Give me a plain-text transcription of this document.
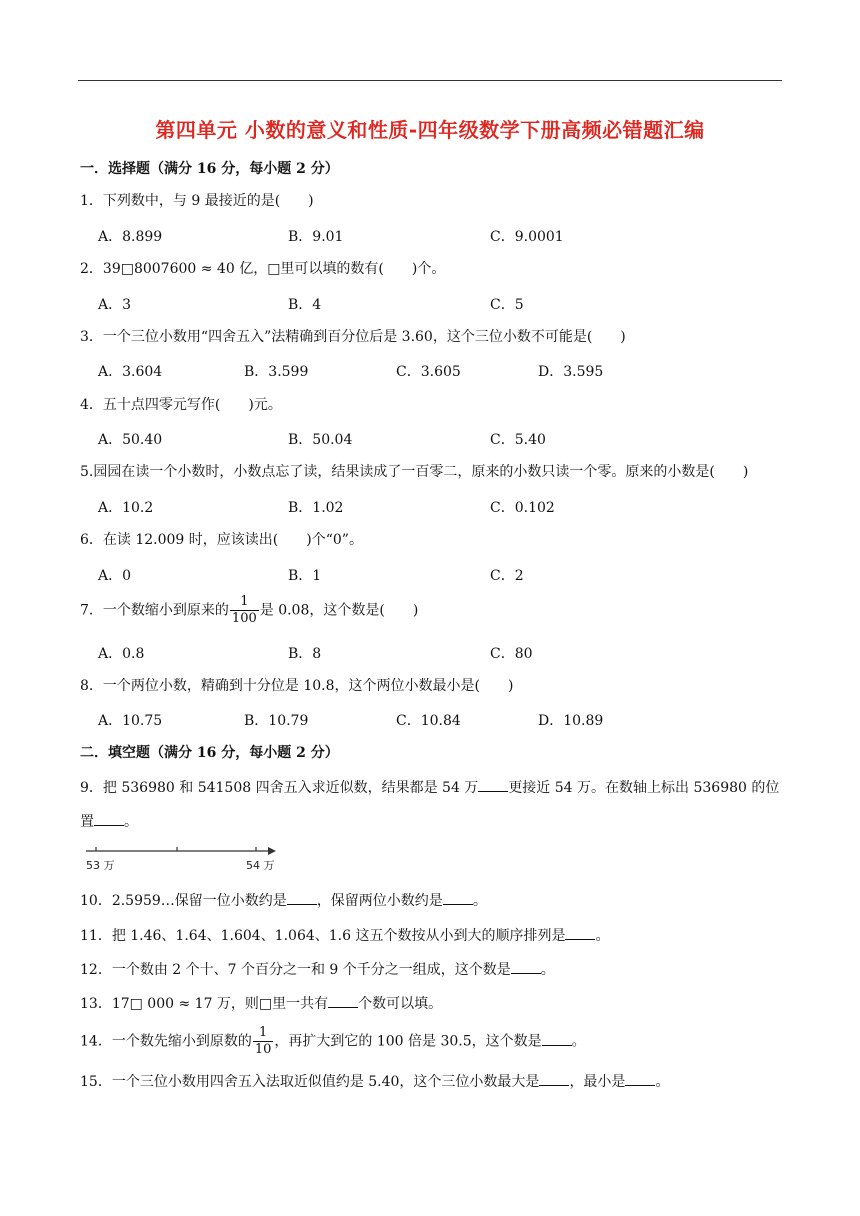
第四单元 小数的意义和性质-四年级数学下册高频必错题汇编
一．选择题（满分 16 分，每小题 2 分）
1．下列数中，与 9 最接近的是(　　)
A．8.899	B．9.01	C．9.0001
2．39□8007600 ≈ 40 亿，□里可以填的数有(　　)个。
A．3	B．4	C．5
3．一个三位小数用“四舍五入”法精确到百分位后是 3.60，这个三位小数不可能是(　　)
A．3.604	B．3.599	C．3.605	D．3.595
4．五十点四零元写作(　　)元。
A．50.40	B．50.04	C．5.40
5.园园在读一个小数时，小数点忘了读，结果读成了一百零二，原来的小数只读一个零。原来的小数是(　　)
A．10.2	B．1.02	C．0.102
6．在读 12.009 时，应该读出(　　)个“0”。
A．0	B．1	C．2
7．一个数缩小到原来的 $\frac{1}{100}$ 是 0.08，这个数是(　　)
A．0.8	B．8	C．80
8．一个两位小数，精确到十分位是 10.8，这个两位小数最小是(　　)
A．10.75	B．10.79	C．10.84	D．10.89
二．填空题（满分 16 分，每小题 2 分）
9．把 536980 和 541508 四舍五入求近似数，结果都是 54 万 更接近 54 万。在数轴上标出 536980 的位
置 。
53 万	54 万
10．2.5959…保留一位小数约是 ，保留两位小数约是 。
11．把 1.46、1.64、1.604、1.064、1.6 这五个数按从小到大的顺序排列是 。
12．一个数由 2 个十、7 个百分之一和 9 个千分之一组成，这个数是 。
13．17□ 000 ≈ 17 万，则□里一共有 个数可以填。
14．一个数先缩小到原数的 $\frac{1}{10}$ ，再扩大到它的 100 倍是 30.5，这个数是 。
15．一个三位小数用四舍五入法取近似值约是 5.40，这个三位小数最大是 ，最小是 。
